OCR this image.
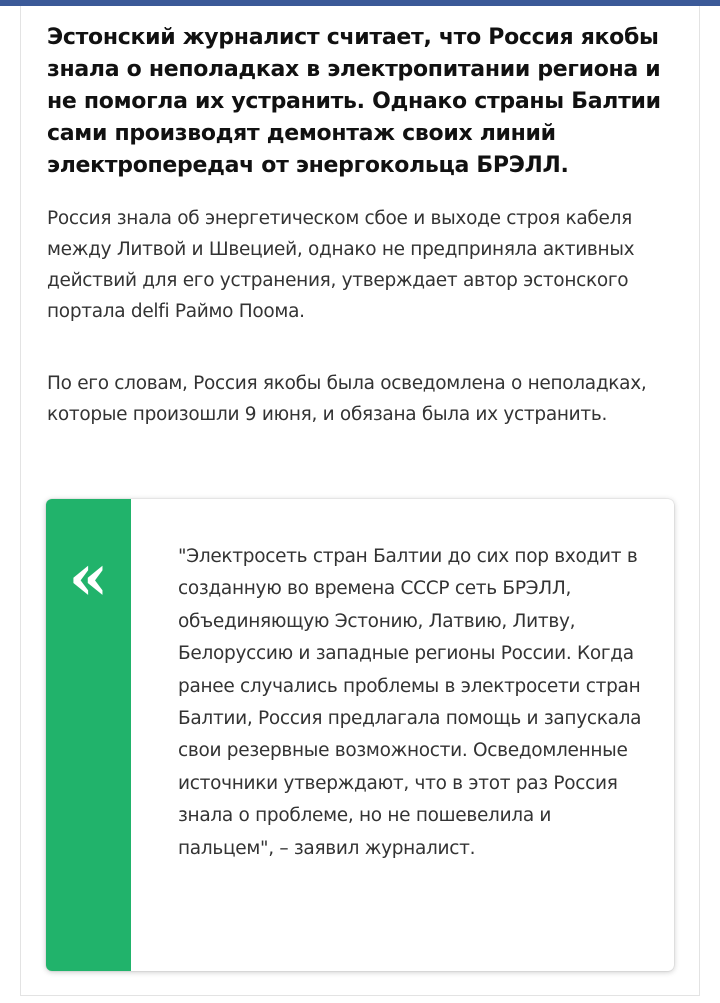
Эстонский журналист считает, что Россия якобы знала о неполадках в электропитании региона и не помогла их устранить. Однако страны Балтии сами производят демонтаж своих линий электропередач от энергокольца БРЭЛЛ.

Россия знала об энергетическом сбое и выходе строя кабеля между Литвой и Швецией, однако не предприняла активных действий для его устранения, утверждает автор эстонского портала delfi Раймо Поома.

По его словам, Россия якобы была осведомлена о неполадках, которые произошли 9 июня, и обязана была их устранить.

«	"Электросеть стран Балтии до сих пор входит в созданную во времена СССР сеть БРЭЛЛ, объединяющую Эстонию, Латвию, Литву, Белоруссию и западные регионы России. Когда ранее случались проблемы в электросети стран Балтии, Россия предлагала помощь и запускала свои резервные возможности. Осведомленные источники утверждают, что в этот раз Россия знала о проблеме, но не пошевелила и пальцем", – заявил журналист.
